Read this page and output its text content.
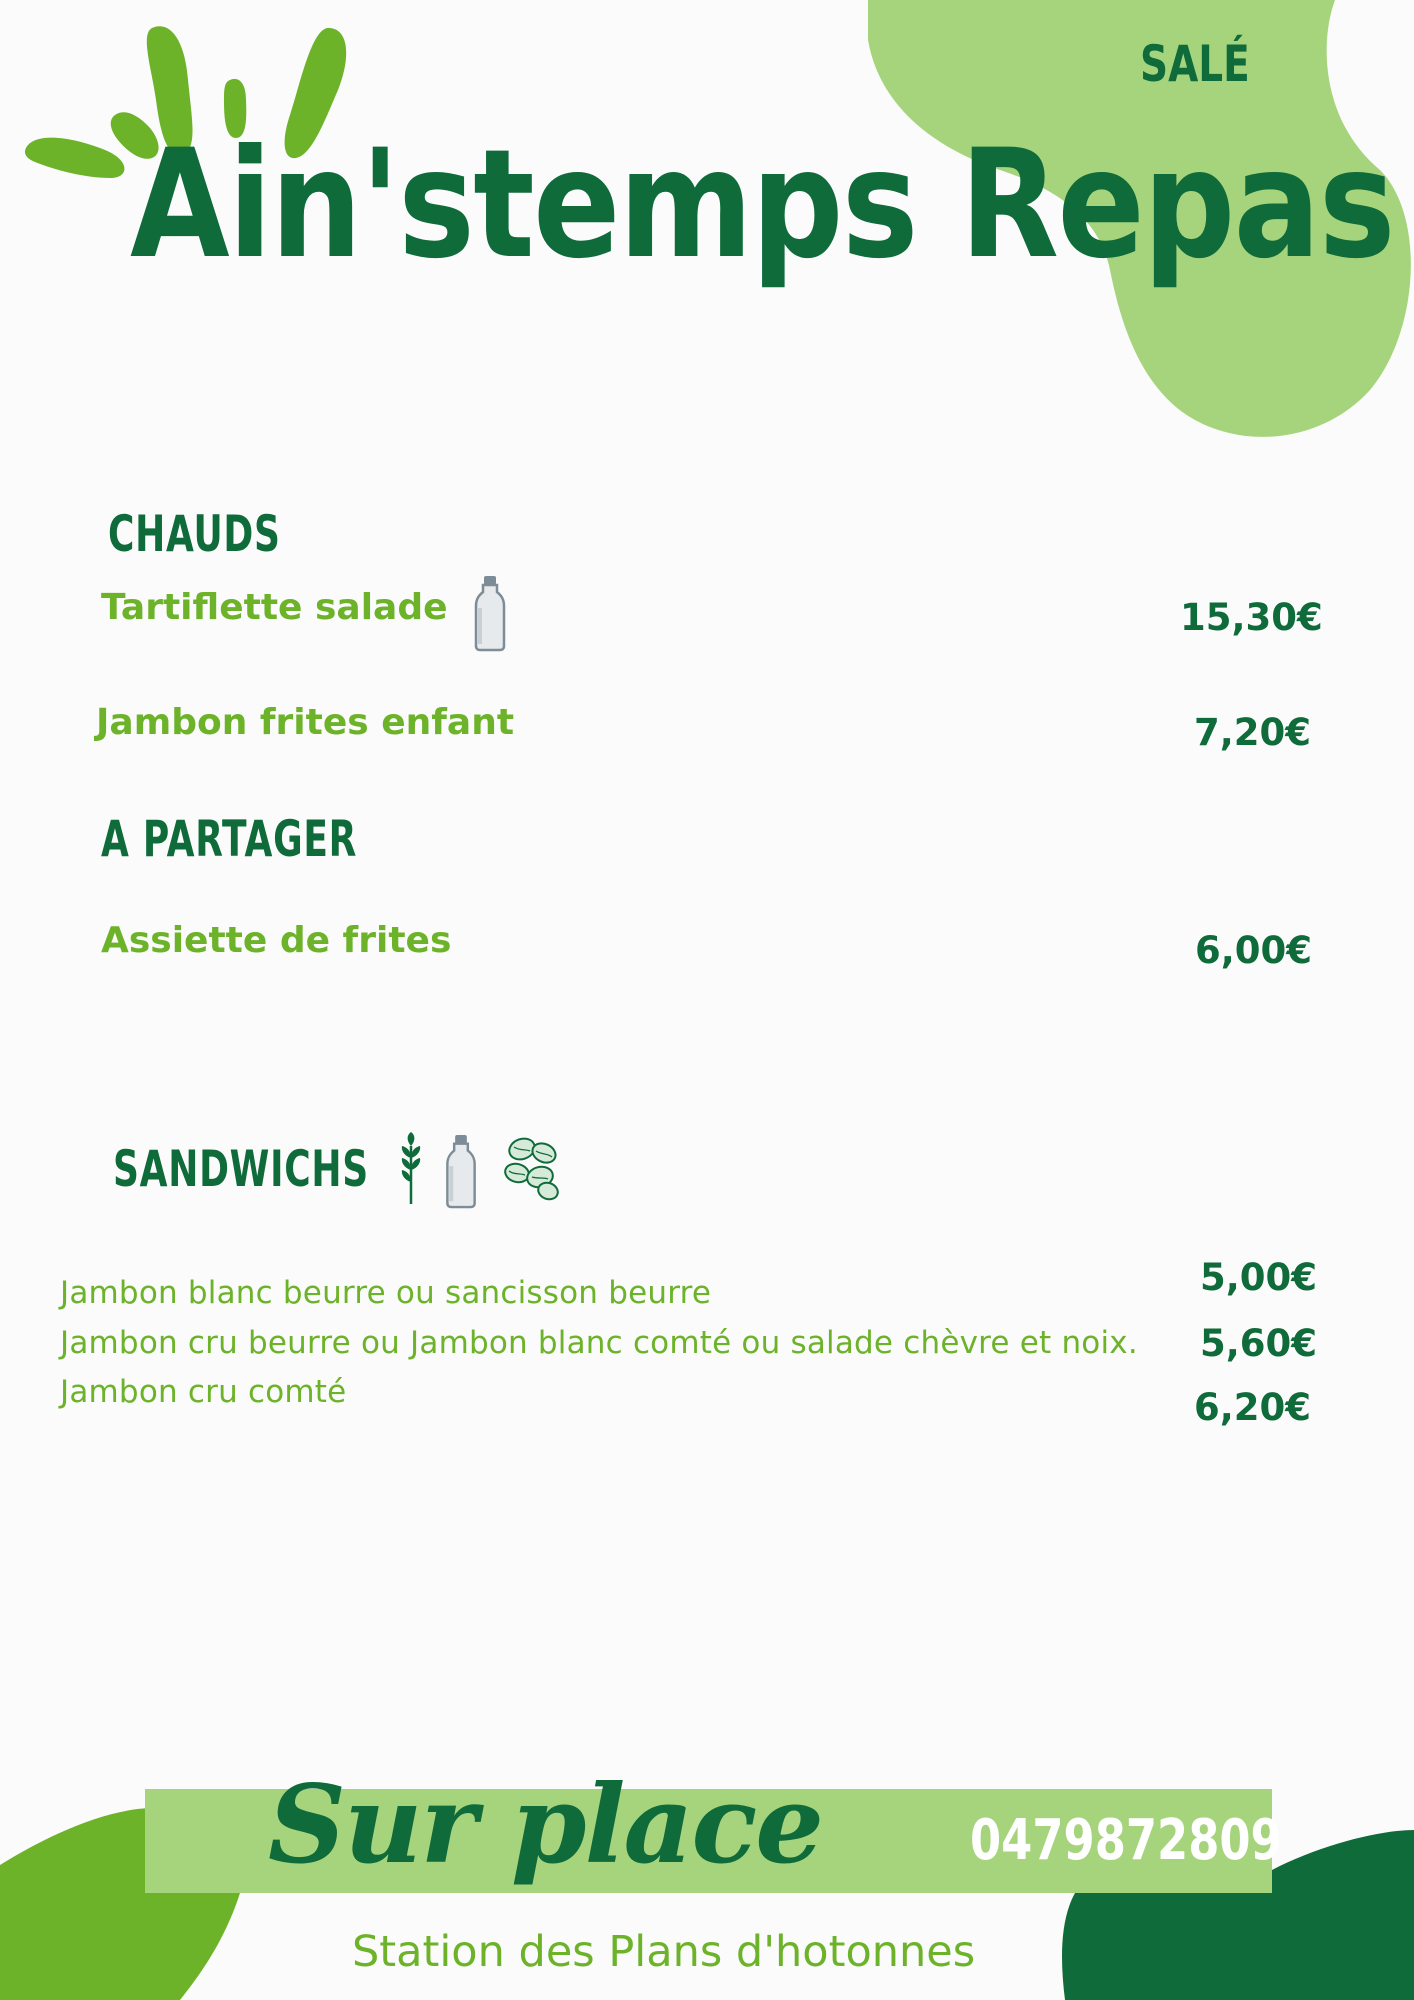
SALÉ
Ain'stemps Repas
CHAUDS
Tartiflette salade	15,30€
Jambon frites enfant	7,20€
A PARTAGER
Assiette de frites	6,00€
SANDWICHS
Jambon blanc beurre ou sancisson beurre	5,00€
Jambon cru beurre ou Jambon blanc comté ou salade chèvre et noix. 5,60€
Jambon cru comté	6,20€
Sur place	0479872809
Station des Plans d'hotonnes
